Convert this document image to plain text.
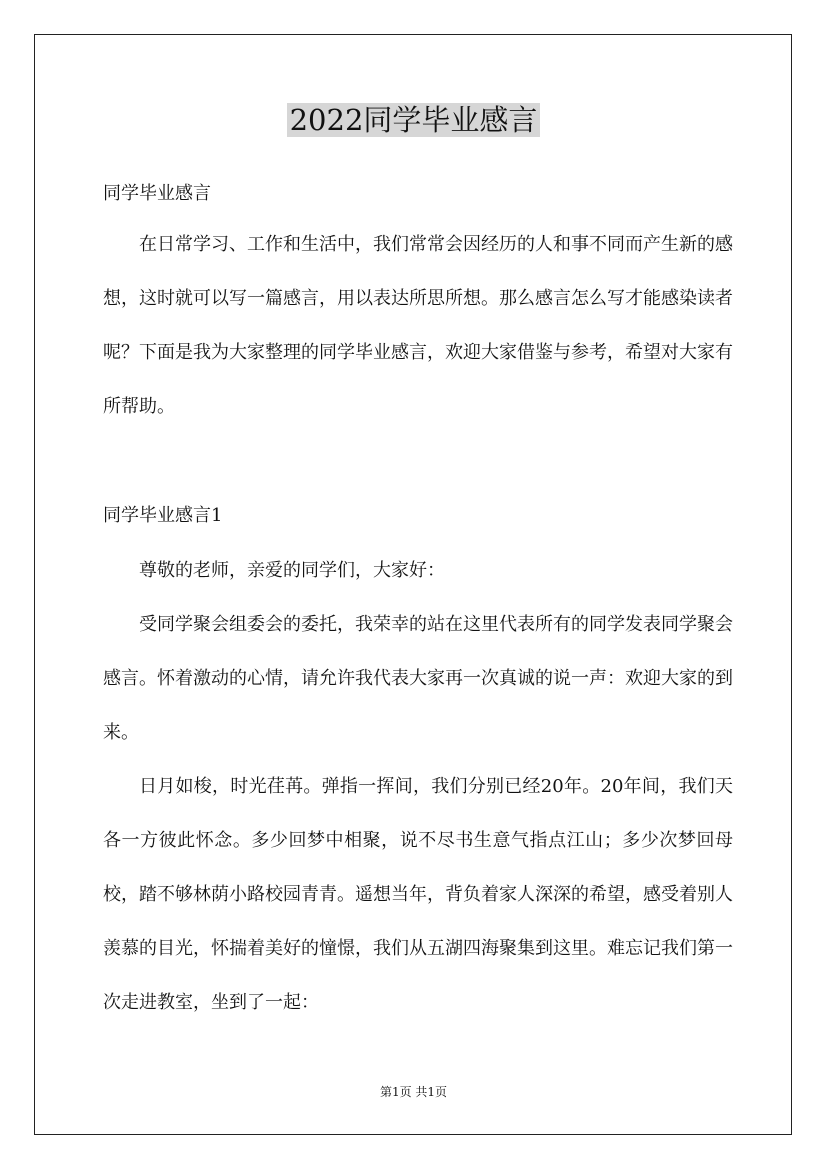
2022同学毕业感言
同学毕业感言

在日常学习、工作和生活中，我们常常会因经历的人和事不同而产生新的感想，这时就可以写一篇感言，用以表达所思所想。那么感言怎么写才能感染读者呢？下面是我为大家整理的同学毕业感言，欢迎大家借鉴与参考，希望对大家有所帮助。

同学毕业感言1

尊敬的老师，亲爱的同学们，大家好：

受同学聚会组委会的委托，我荣幸的站在这里代表所有的同学发表同学聚会感言。怀着激动的心情，请允许我代表大家再一次真诚的说一声：欢迎大家的到来。

日月如梭，时光荏苒。弹指一挥间，我们分别已经20年。20年间，我们天各一方彼此怀念。多少回梦中相聚，说不尽书生意气指点江山；多少次梦回母校，踏不够林荫小路校园青青。遥想当年，背负着家人深深的希望，感受着别人羡慕的目光，怀揣着美好的憧憬，我们从五湖四海聚集到这里。难忘记我们第一次走进教室，坐到了一起：

第1页 共1页
